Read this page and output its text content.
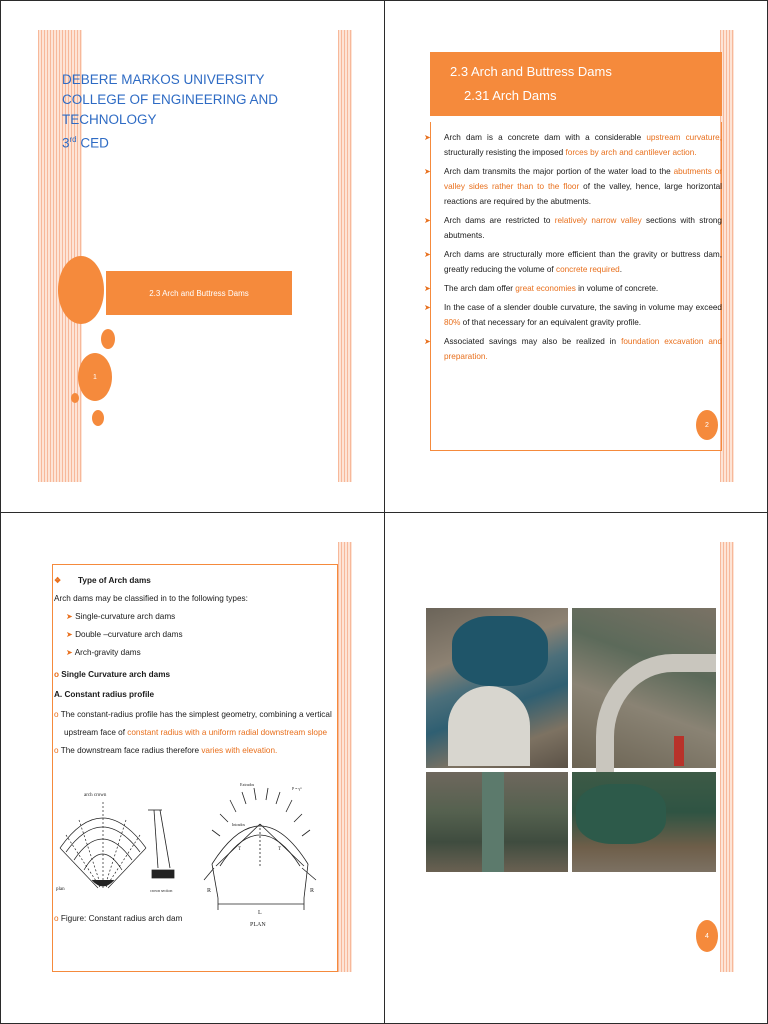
DEBERE MARKOS UNIVERSITY
COLLEGE OF ENGINEERING AND TECHNOLOGY
3rd CED
2.3 Arch and Buttress Dams
1
2.3 Arch and Buttress Dams
2.31 Arch Dams
➤ Arch dam is a concrete dam with a considerable upstream curvature, structurally resisting the imposed forces by arch and cantilever action.
➤ Arch dam transmits the major portion of the water load to the abutments or valley sides rather than to the floor of the valley, hence, large horizontal reactions are required by the abutments.
➤ Arch dams are restricted to relatively narrow valley sections with strong abutments.
➤ Arch dams are structurally more efficient than the gravity or buttress dam, greatly reducing the volume of concrete required.
➤ The arch dam offer great economies in volume of concrete.
➤ In the case of a slender double curvature, the saving in volume may exceed 80% of that necessary for an equivalent gravity profile.
➤ Associated savings may also be realized in foundation excavation and preparation.
2
❖ Type of Arch dams
Arch dams may be classified in to the following types:
➤ Single-curvature arch dams
➤ Double –curvature arch dams
➤ Arch-gravity dams
o Single Curvature arch dams
A. Constant radius profile
o The constant-radius profile has the simplest geometry, combining a vertical upstream face of constant radius with a uniform radial downstream slope
o The downstream face radius therefore varies with elevation.
arch crown
plan	crown section
Extrados
Intrados
P = γʷ
R	R
T	T
L
PLAN
o Figure: Constant radius arch dam
4
